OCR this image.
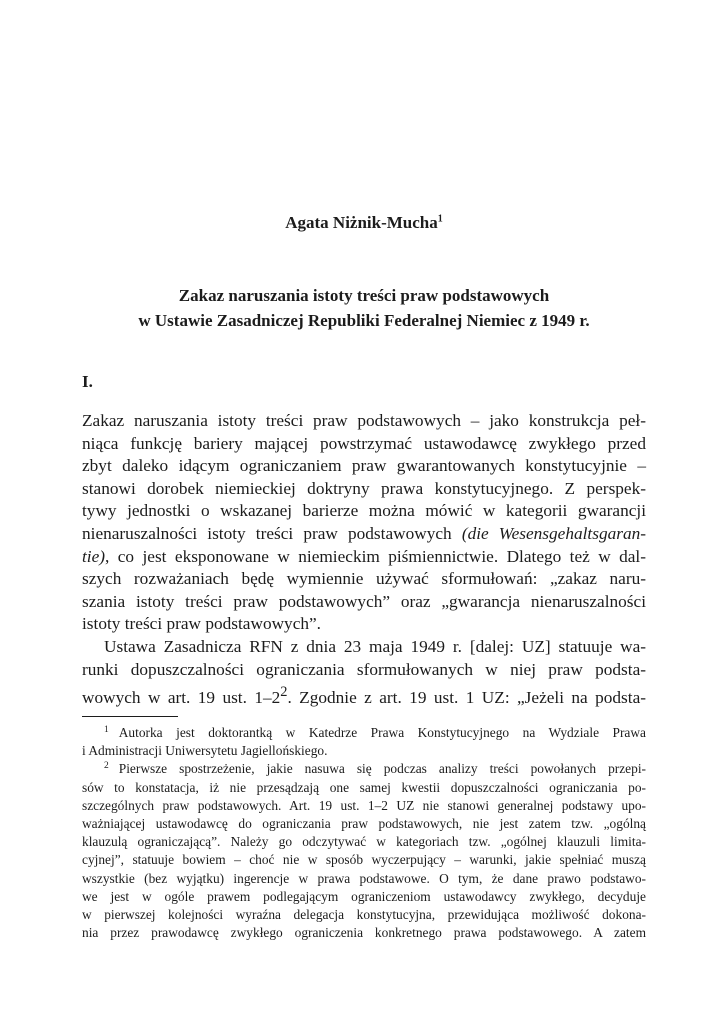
Agata Niżnik-Mucha$^1$
Zakaz naruszania istoty treści praw podstawowych
w Ustawie Zasadniczej Republiki Federalnej Niemiec z 1949 r.
I.
Zakaz naruszania istoty treści praw podstawowych – jako konstrukcja peł-
niąca funkcję bariery mającej powstrzymać ustawodawcę zwykłego przed
zbyt daleko idącym ograniczaniem praw gwarantowanych konstytucyjnie –
stanowi dorobek niemieckiej doktryny prawa konstytucyjnego. Z perspek-
tywy jednostki o wskazanej barierze można mówić w kategorii gwarancji
nienaruszalności istoty treści praw podstawowych (die Wesensgehaltsgaran-
tie), co jest eksponowane w niemieckim piśmiennictwie. Dlatego też w dal-
szych rozważaniach będę wymiennie używać sformułowań: „zakaz naru-
szania istoty treści praw podstawowych” oraz „gwarancja nienaruszalności
istoty treści praw podstawowych”.
Ustawa Zasadnicza RFN z dnia 23 maja 1949 r. [dalej: UZ] statuuje wa-
runki dopuszczalności ograniczania sformułowanych w niej praw podsta-
wowych w art. 19 ust. $1-2^2$. Zgodnie z art. 19 ust. 1 UZ: „Jeżeli na podsta-
$^1$ Autorka jest doktorantką w Katedrze Prawa Konstytucyjnego na Wydziale Prawa
i Administracji Uniwersytetu Jagiellońskiego.
$^2$ Pierwsze spostrzeżenie, jakie nasuwa się podczas analizy treści powołanych przepi-
sów to konstatacja, iż nie przesądzają one samej kwestii dopuszczalności ograniczania po-
szczególnych praw podstawowych. Art. 19 ust. 1–2 UZ nie stanowi generalnej podstawy upo-
ważniającej ustawodawcę do ograniczania praw podstawowych, nie jest zatem tzw. „ogólną
klauzulą ograniczającą”. Należy go odczytywać w kategoriach tzw. „ogólnej klauzuli limita-
cyjnej”, statuuje bowiem – choć nie w sposób wyczerpujący – warunki, jakie spełniać muszą
wszystkie (bez wyjątku) ingerencje w prawa podstawowe. O tym, że dane prawo podstawo-
we jest w ogóle prawem podlegającym ograniczeniom ustawodawcy zwykłego, decyduje
w pierwszej kolejności wyraźna delegacja konstytucyjna, przewidująca możliwość dokona-
nia przez prawodawcę zwykłego ograniczenia konkretnego prawa podstawowego. A zatem
